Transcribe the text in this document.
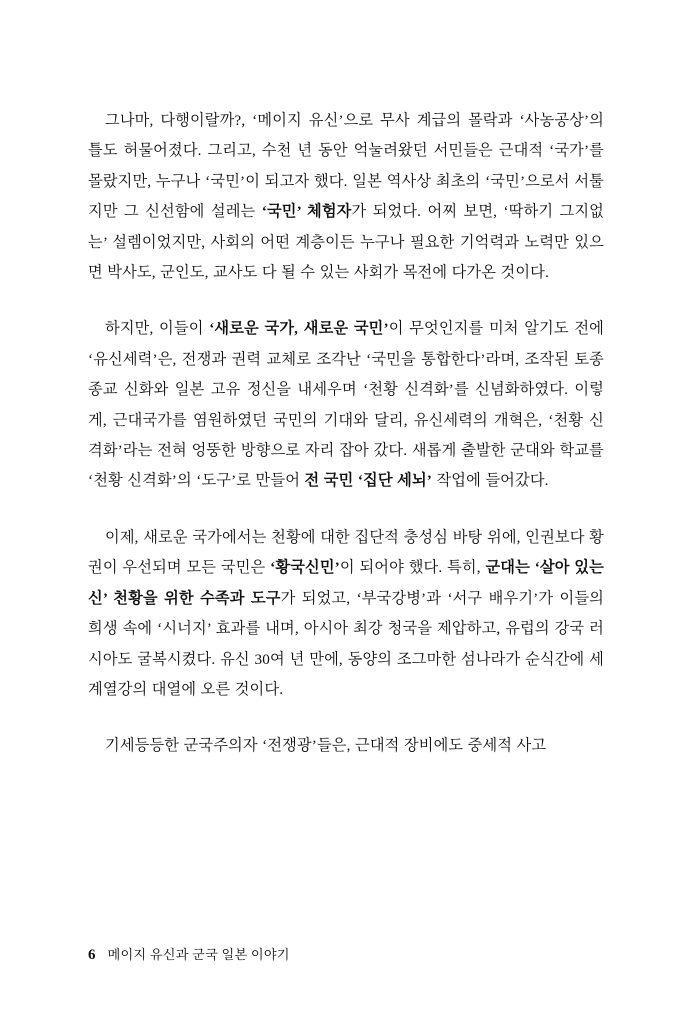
그나마, 다행이랄까?, ‘메이지 유신’으로 무사 계급의 몰락과 ‘사농공상’의 틀도 허물어졌다. 그리고, 수천 년 동안 억눌려왔던 서민들은 근대적 ‘국가’를 몰랐지만, 누구나 ‘국민’이 되고자 했다. 일본 역사상 최초의 ‘국민’으로서 서툴지만 그 신선함에 설레는 ‘국민’ 체험자가 되었다. 어찌 보면, ‘딱하기 그지없는’ 설렘이었지만, 사회의 어떤 계층이든 누구나 필요한 기억력과 노력만 있으면 박사도, 군인도, 교사도 다 될 수 있는 사회가 목전에 다가온 것이다.

하지만, 이들이 ‘새로운 국가, 새로운 국민’이 무엇인지를 미처 알기도 전에 ‘유신세력’은, 전쟁과 권력 교체로 조각난 ‘국민을 통합한다’라며, 조작된 토종 종교 신화와 일본 고유 정신을 내세우며 ‘천황 신격화’를 신념화하였다. 이렇게, 근대국가를 염원하였던 국민의 기대와 달리, 유신세력의 개혁은, ‘천황 신격화’라는 전혀 엉뚱한 방향으로 자리 잡아 갔다. 새롭게 출발한 군대와 학교를 ‘천황 신격화’의 ‘도구’로 만들어 전 국민 ‘집단 세뇌’ 작업에 들어갔다.

이제, 새로운 국가에서는 천황에 대한 집단적 충성심 바탕 위에, 인권보다 황권이 우선되며 모든 국민은 ‘황국신민’이 되어야 했다. 특히, 군대는 ‘살아 있는 신’ 천황을 위한 수족과 도구가 되었고, ‘부국강병’과 ‘서구 배우기’가 이들의 희생 속에 ‘시너지’ 효과를 내며, 아시아 최강 청국을 제압하고, 유럽의 강국 러시아도 굴복시켰다. 유신 30여 년 만에, 동양의 조그마한 섬나라가 순식간에 세계열강의 대열에 오른 것이다.

기세등등한 군국주의자 ‘전쟁광’들은, 근대적 장비에도 중세적 사고

6 메이지 유신과 군국 일본 이야기
